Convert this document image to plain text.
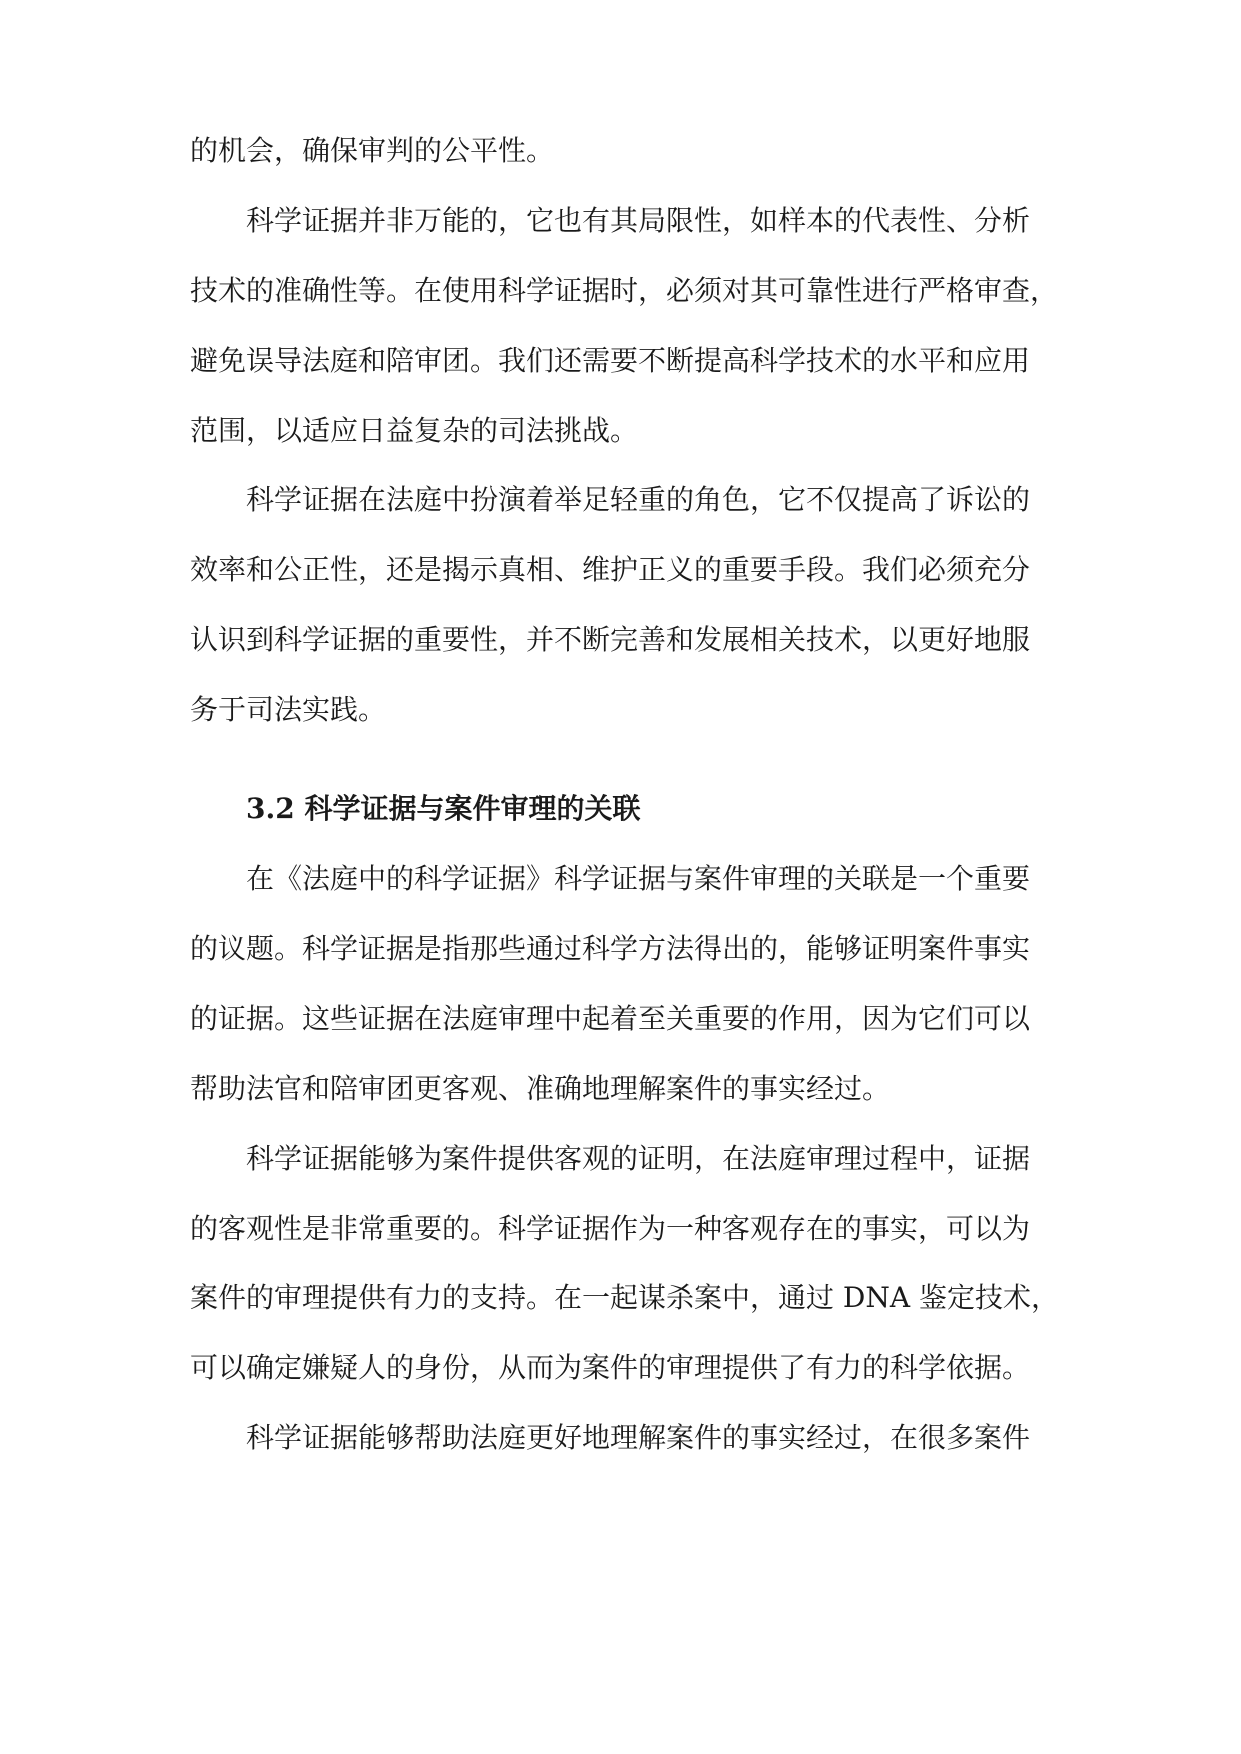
的机会，确保审判的公平性。

科学证据并非万能的，它也有其局限性，如样本的代表性、分析

技术的准确性等。在使用科学证据时，必须对其可靠性进行严格审查，

避免误导法庭和陪审团。我们还需要不断提高科学技术的水平和应用

范围，以适应日益复杂的司法挑战。

科学证据在法庭中扮演着举足轻重的角色，它不仅提高了诉讼的

效率和公正性，还是揭示真相、维护正义的重要手段。我们必须充分

认识到科学证据的重要性，并不断完善和发展相关技术，以更好地服

务于司法实践。

3.2 科学证据与案件审理的关联

在《法庭中的科学证据》科学证据与案件审理的关联是一个重要

的议题。科学证据是指那些通过科学方法得出的，能够证明案件事实

的证据。这些证据在法庭审理中起着至关重要的作用，因为它们可以

帮助法官和陪审团更客观、准确地理解案件的事实经过。

科学证据能够为案件提供客观的证明，在法庭审理过程中，证据

的客观性是非常重要的。科学证据作为一种客观存在的事实，可以为

案件的审理提供有力的支持。在一起谋杀案中，通过 DNA 鉴定技术，

可以确定嫌疑人的身份，从而为案件的审理提供了有力的科学依据。

科学证据能够帮助法庭更好地理解案件的事实经过，在很多案件
